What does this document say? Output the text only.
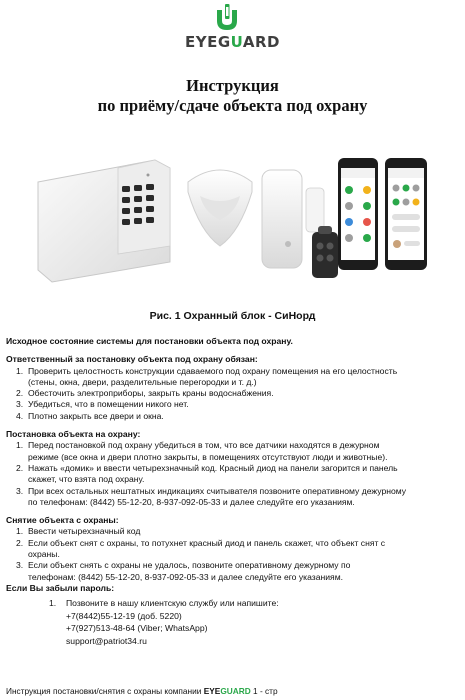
EYEGUARD
Инструкция
по приёму/сдаче объекта под охрану
Рис. 1 Охранный блок - СиНорд

Исходное состояние системы для постановки объекта под охрану.

Ответственный за постановку объекта под охрану обязан:

1. Проверить целостность конструкции сдаваемого под охрану помещения на его целостность
(стены, окна, двери, разделительные перегородки и т. д.)
2. Обесточить электроприборы, закрыть краны водоснабжения.
3. Убедиться, что в помещении никого нет.
4. Плотно закрыть все двери и окна.

Постановка объекта на охрану:

1. Перед постановкой под охрану убедиться в том, что все датчики находятся в дежурном
режиме (все окна и двери плотно закрыты, в помещениях отсутствуют люди и животные).
2. Нажать «домик» и ввести четырехзначный код. Красный диод на панели загорится и панель
скажет, что взята под охрану.
3. При всех остальных нештатных индикациях считывателя позвоните оперативному дежурному
по телефонам: (8442) 55-12-20, 8-937-092-05-33 и далее следуйте его указаниям.

Снятие объекта с охраны:

1. Ввести четырехзначный код
2. Если объект снят с охраны, то потухнет красный диод и панель скажет, что объект снят с
охраны.
3. Если объект снять с охраны не удалось, позвоните оперативному дежурному по
телефонам: (8442) 55-12-20, 8-937-092-05-33 и далее следуйте его указаниям.

Если Вы забыли пароль:

1. Позвоните в нашу клиентскую службу или напишите:
+7(8442)55-12-19 (доб. 5220)
+7(927)513-48-64 (Viber; WhatsApp)
support@patriot34.ru
Инструкция постановки/снятия с охраны компании EYEGUARD 1 - стр
